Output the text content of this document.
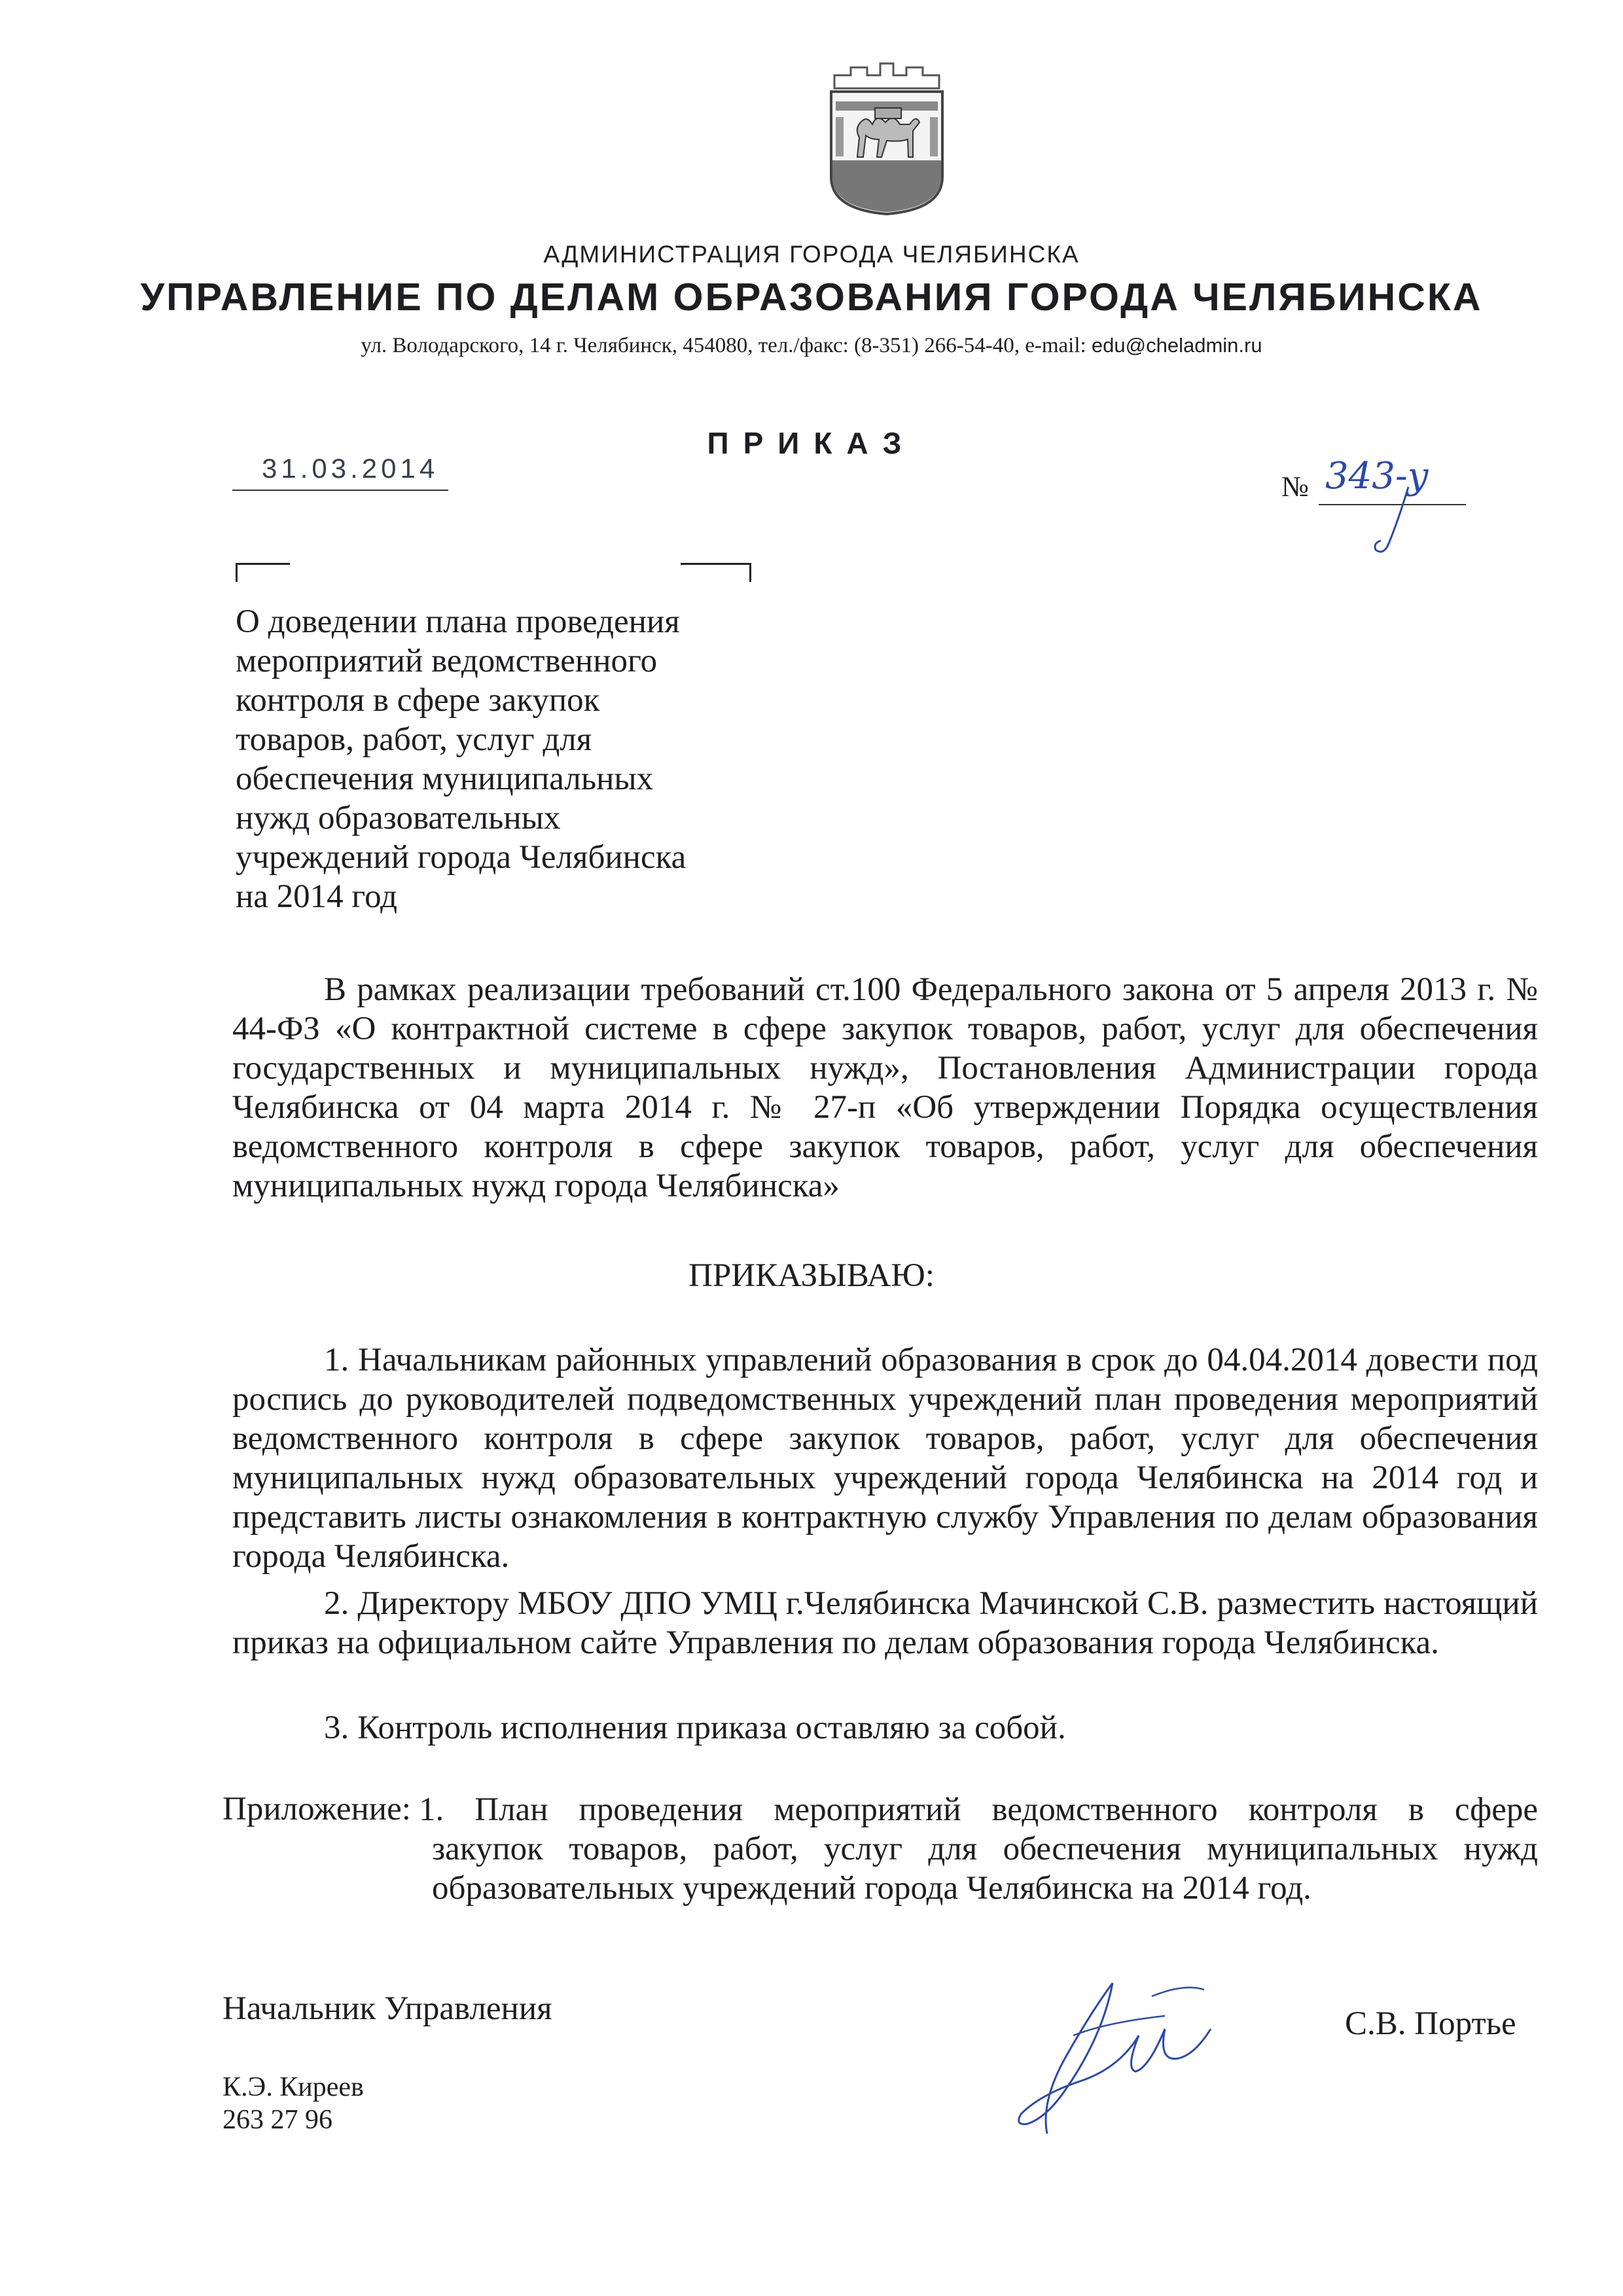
АДМИНИСТРАЦИЯ ГОРОДА ЧЕЛЯБИНСКА
УПРАВЛЕНИЕ ПО ДЕЛАМ ОБРАЗОВАНИЯ ГОРОДА ЧЕЛЯБИНСКА
ул. Володарского, 14 г. Челябинск, 454080, тел./факс: (8-351) 266-54-40, e-mail: edu@cheladmin.ru
ПРИКАЗ
31.03.2014
№ 343-у
О доведении плана проведения
мероприятий ведомственного
контроля в сфере закупок
товаров, работ, услуг для
обеспечения муниципальных
нужд образовательных
учреждений города Челябинска
на 2014 год
В рамках реализации требований ст.100 Федерального закона от 5 апреля 2013 г. № 44-ФЗ «О контрактной системе в сфере закупок товаров, работ, услуг для обеспечения государственных и муниципальных нужд», Постановления Администрации города Челябинска от 04 марта 2014 г. № 27-п «Об утверждении Порядка осуществления ведомственного контроля в сфере закупок товаров, работ, услуг для обеспечения муниципальных нужд города Челябинска»
ПРИКАЗЫВАЮ:
1. Начальникам районных управлений образования в срок до 04.04.2014 довести под роспись до руководителей подведомственных учреждений план проведения мероприятий ведомственного контроля в сфере закупок товаров, работ, услуг для обеспечения муниципальных нужд образовательных учреждений города Челябинска на 2014 год и представить листы ознакомления в контрактную службу Управления по делам образования города Челябинска.
2. Директору МБОУ ДПО УМЦ г.Челябинска Мачинской С.В. разместить настоящий приказ на официальном сайте Управления по делам образования города Челябинска.
3. Контроль исполнения приказа оставляю за собой.
Приложение: 1. План проведения мероприятий ведомственного контроля в сфере
закупок товаров, работ, услуг для обеспечения муниципальных нужд образовательных учреждений города Челябинска на 2014 год.
Начальник Управления	С.В. Портье
К.Э. Киреев
263 27 96
